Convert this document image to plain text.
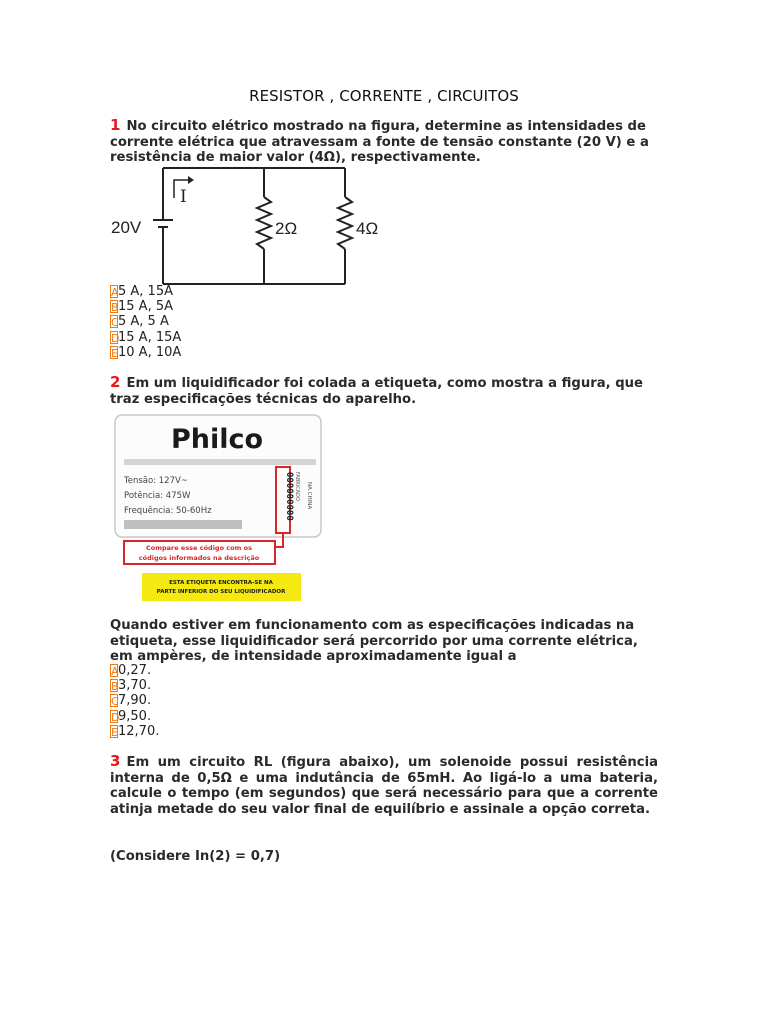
RESISTOR , CORRENTE , CIRCUITOS
1 No circuito elétrico mostrado na figura, determine as intensidades de corrente elétrica que atravessam a fonte de tensão constante (20 V) e a resistência de maior valor (4Ω), respectivamente.
I
20V	2Ω	4Ω
A5 A, 15A
B15 A, 5A
C5 A, 5 A
D15 A, 15A
E10 A, 10A
2 Em um liquidificador foi colada a etiqueta, como mostra a figura, que traz especificações técnicas do aparelho.
Philco
Tensão: 127V~
Potência: 475W
Frequência: 50-60Hz	000000000 FABRICADO NA CHINA
Compare esse código com os
códigos informados na descrição
ESTA ETIQUETA ENCONTRA-SE NA
PARTE INFERIOR DO SEU LIQUIDIFICADOR
Quando estiver em funcionamento com as especificações indicadas na etiqueta, esse liquidificador será percorrido por uma corrente elétrica, em ampères, de intensidade aproximadamente igual a
A0,27.
B3,70.
C7,90.
D9,50.
E12,70.
3 Em um circuito RL (figura abaixo), um solenoide possui resistência interna de 0,5Ω e uma indutância de 65mH. Ao ligá-lo a uma bateria, calcule o tempo (em segundos) que será necessário para que a corrente atinja metade do seu valor final de equilíbrio e assinale a opção correta.
(Considere In(2) = 0,7)
